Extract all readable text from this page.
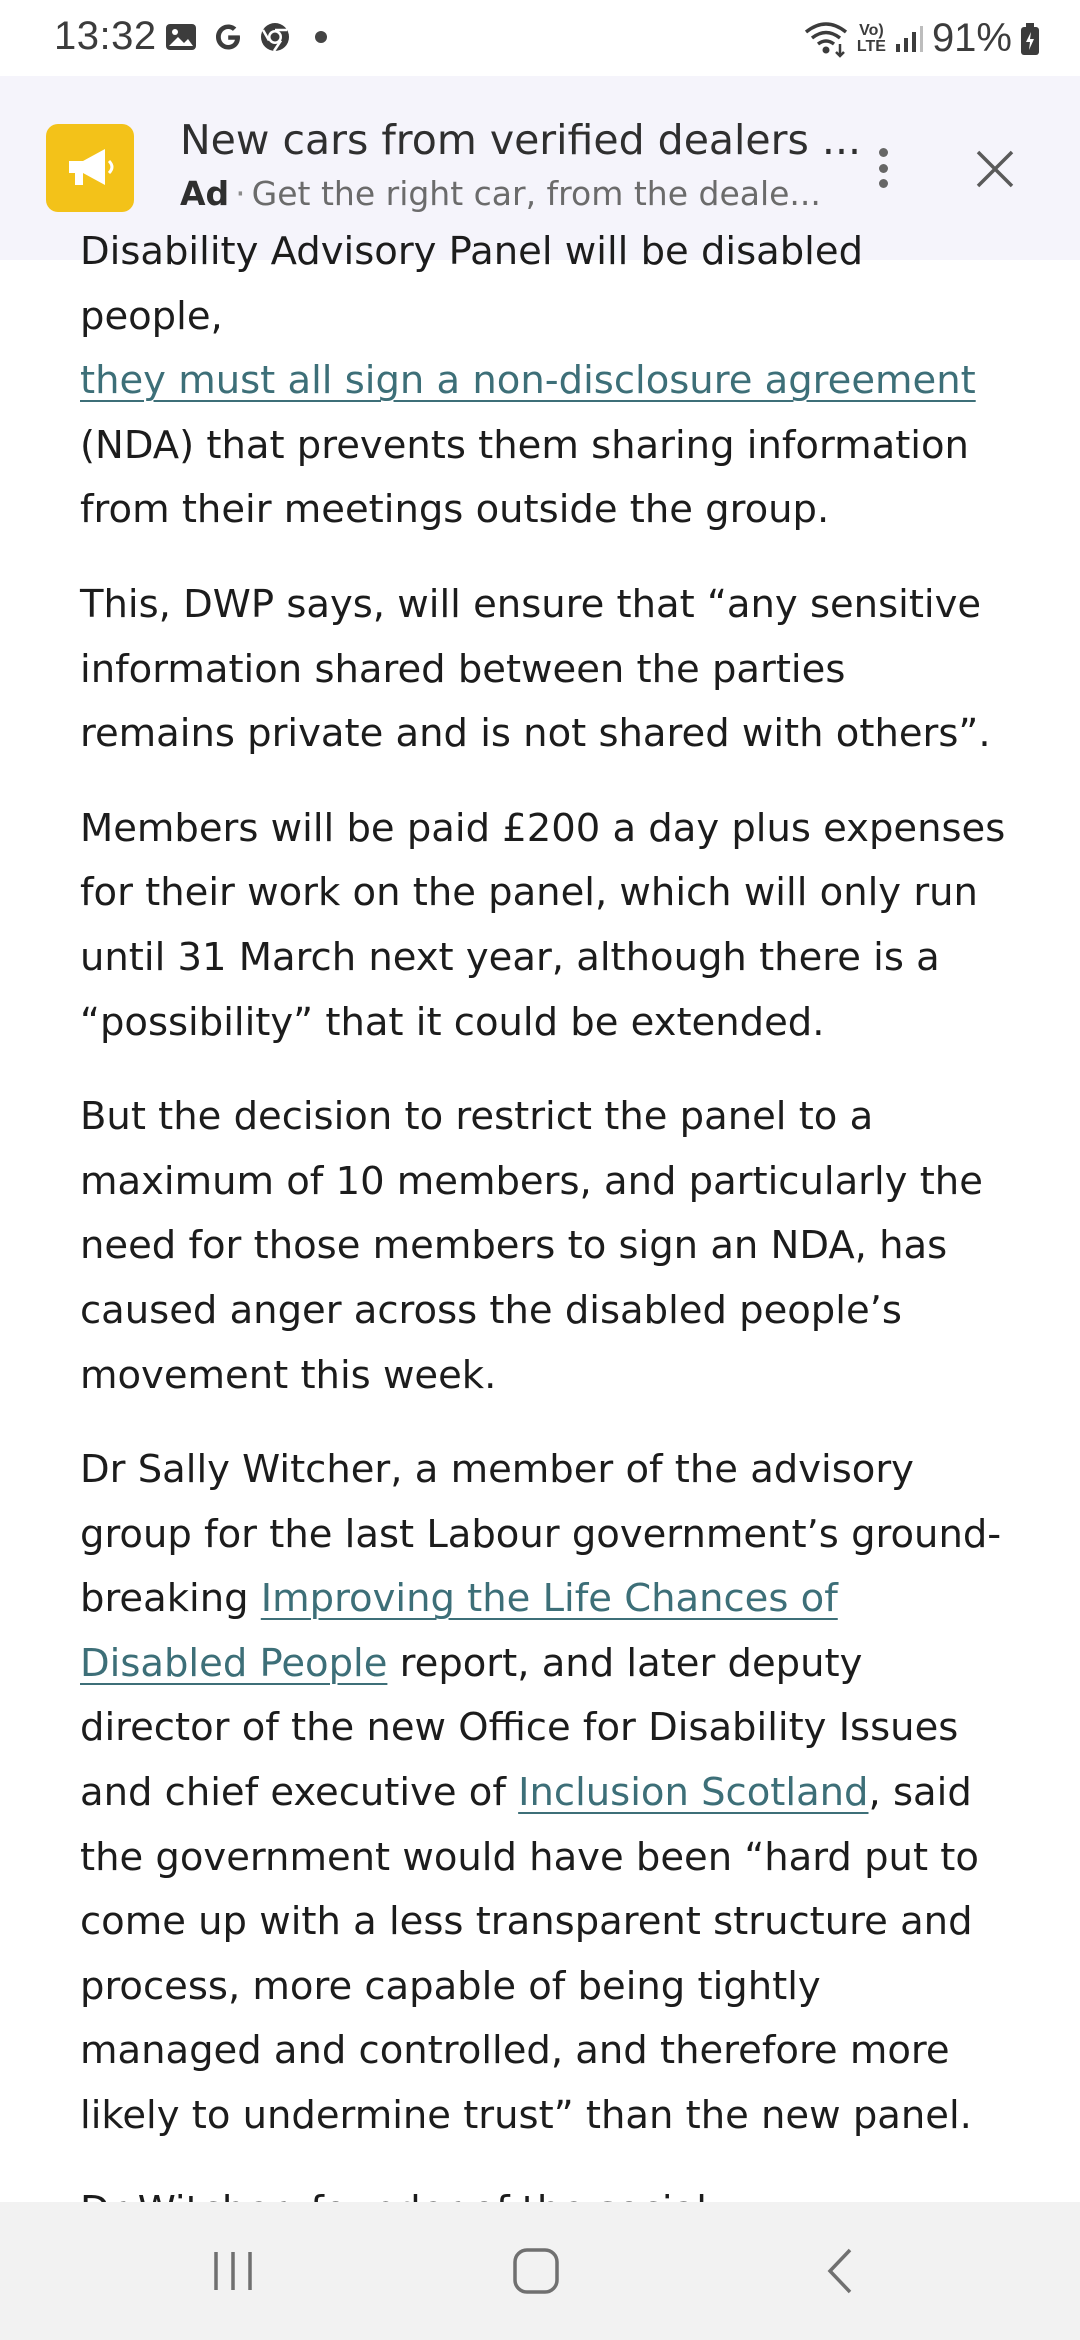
13:32	Vo)
LTE 91%
New cars from verified dealers ...
Ad · Get the right car, from the deale...

Disability Advisory Panel will be disabled people,
they must all sign a non-disclosure agreement (NDA) that prevents them sharing information from their meetings outside the group.

This, DWP says, will ensure that “any sensitive information shared between the parties remains private and is not shared with others”.

Members will be paid £200 a day plus expenses for their work on the panel, which will only run until 31 March next year, although there is a “possibility” that it could be extended.

But the decision to restrict the panel to a maximum of 10 members, and particularly the need for those members to sign an NDA, has caused anger across the disabled people’s movement this week.

Dr Sally Witcher, a member of the advisory group for the last Labour government’s ground-breaking Improving the Life Chances of Disabled People report, and later deputy director of the new Office for Disability Issues and chief executive of Inclusion Scotland, said the government would have been “hard put to come up with a less transparent structure and process, more capable of being tightly managed and controlled, and therefore more likely to undermine trust” than the new panel.
